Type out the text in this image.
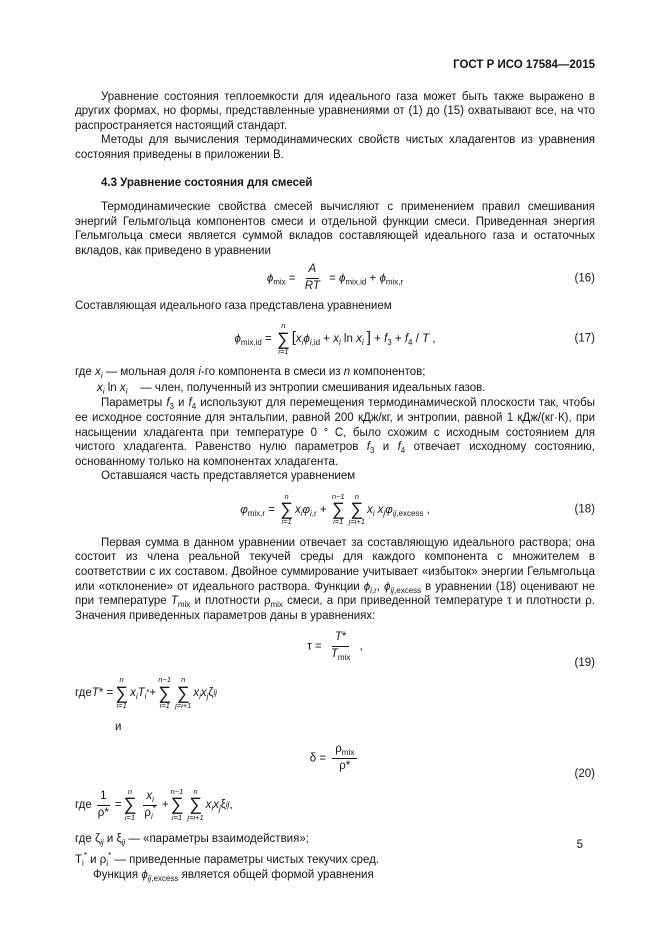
ГОСТ Р ИСО 17584—2015

Уравнение состояния теплоемкости для идеального газа может быть также выражено в других формах, но формы, представленные уравнениями от (1) до (15) охватывают все, на что распространяется настоящий стандарт.

Методы для вычисления термодинамических свойств чистых хладагентов из уравнения состояния приведены в приложении В.

4.3 Уравнение состояния для смесей

Термодинамические свойства смесей вычисляют с применением правил смешивания энергий Гельмгольца компонентов смеси и отдельной функции смеси. Приведенная энергия Гельмгольца смеси является суммой вкладов составляющей идеального газа и остаточных вкладов, как приведено в уравнении

$\phi_{mix} = \frac{A}{RT} = \phi_{mix,id} + \phi_{mix,r}$	(16)

Составляющая идеального газа представлена уравнением

$\phi_{mix,id}$ =
n
∑
i=1
[$x_i\phi_{i,id} + x_i$ $\ln x_i$ ] + $f_3 + f_4 / T$ ,	(17)
где $x_i$ — мольная доля i-го компонента в смеси из n компонентов;
$x_i$ $\ln x_i$    — член, полученный из энтропии смешивания идеальных газов.

Параметры $f_3$ и $f_4$ используют для перемещения термодинамической плоскости так, чтобы ее исходное состояние для энтальпии, равной 200 кДж/кг, и энтропии, равной 1 кДж/(кг·К), при насыщении хладагента при температуре 0 ° С, было схожим с исходным состоянием для чистого хладагента. Равенство нулю параметров $f_3$ и $f_4$ отвечает исходному состоянию, основанному только на компонентах хладагента.

Оставшаяся часть представляется уравнением

$\varphi_{mix,r}$ =
n
∑
i=1
$x_i\varphi_{i,r}$ +
n−1
∑
i=1
n
∑
j=i+1
$x_i$ $x_j\varphi_{ij,excess}$ ,	(18)

Первая сумма в данном уравнении отвечает за составляющую идеального раствора; она состоит из члена реальной текучей среды для каждого компонента с множителем в соответствии с их составом. Двойное суммирование учитывает «избыток» энергии Гельмгольца или «отклонение» от идеального раствора. Функции $\phi_{i,r}$, $\phi_{ij,excess}$ в уравнении (18) оценивают не при температуре $T_{mix}$ и плотности $\rho_{mix}$ смеси, а при приведенной температуре τ и плотности ρ. Значения приведенных параметров даны в уравнениях:

$\tau = \frac{T*}{T_{mix}}$ ,
(19)
где T * =
n
∑
i=1
$x_i$ $T_i$ * +
n−1
∑
i=1
n
∑
j=i+1
$x_i$ $x_j$ ζ ij
и
$\delta = \frac{\rho_{mix}}{\rho*}$
(20)
где $\frac{1}{\rho*}$ =
n
∑
$i=1 \frac{x_i}{\rho_i^*}$ +
n−1
∑
i=1
n
∑
j=i+1
$x_i$ $x_j$ ξ ij ,
где $\zeta_{ij}$ и $\xi_{ij}$ — «параметры взаимодействия»;
$T_i^*$ и $\rho_i^*$ — приведенные параметры чистых текучих сред.
Функция $\phi_{ij,excess}$ является общей формой уравнения
5
